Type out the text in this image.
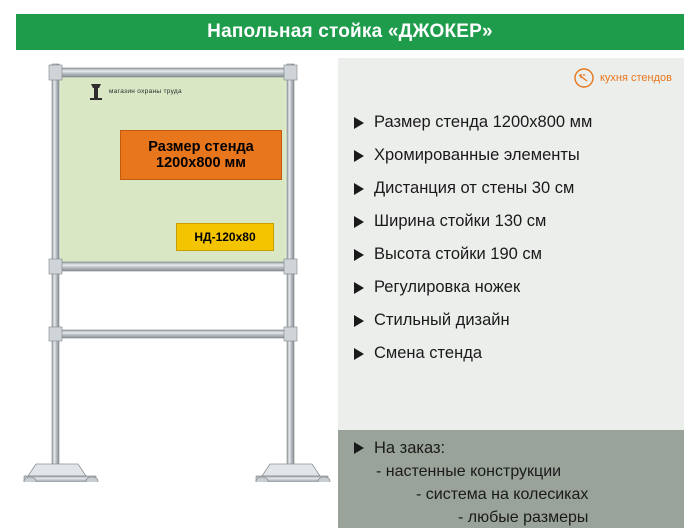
Напольная стойка «ДЖОКЕР»
магазин охраны труда
Размер стенда
1200х800 мм
НД-120х80
кухня стендов
Размер стенда 1200х800 мм
Хромированные элементы
Дистанция от стены 30 см
Ширина стойки 130 см
Высота стойки 190 см
Регулировка ножек
Стильный дизайн
Смена стенда
На заказ:
- настенные конструкции
- система на колесиках
- любые размеры
